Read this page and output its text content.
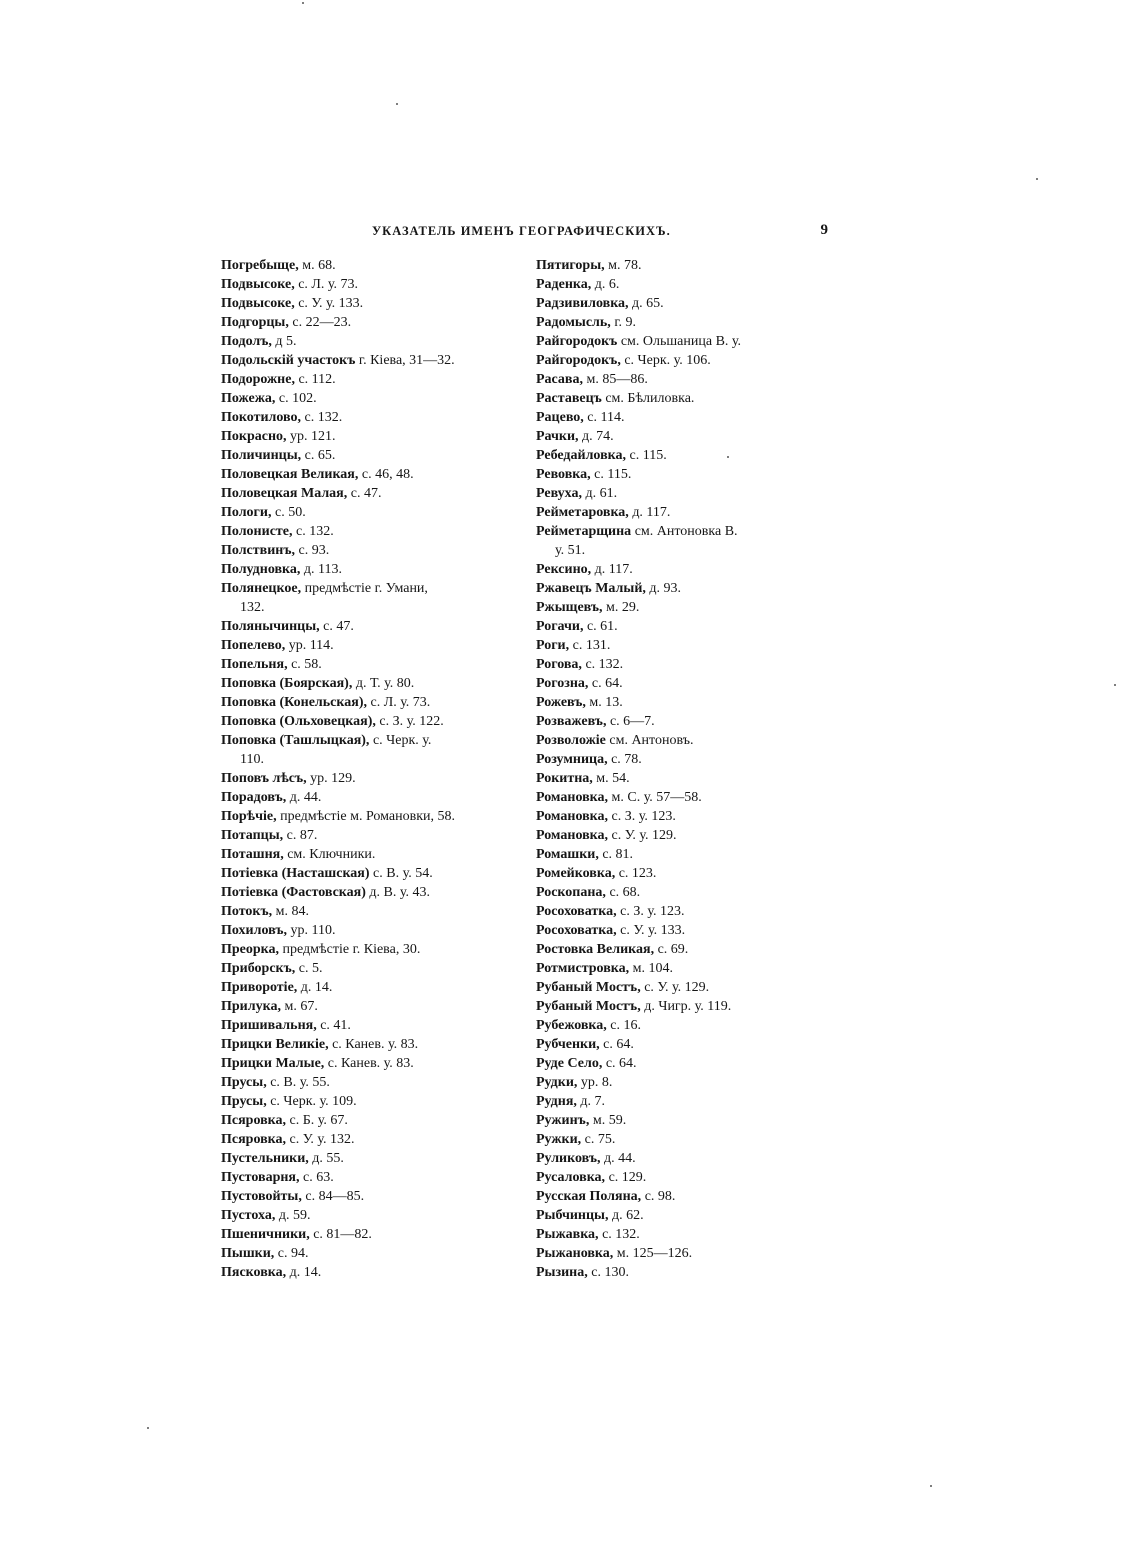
УКАЗАТЕЛЬ ИМЕНЪ ГЕОГРАФИЧЕСКИХЪ.	9
Погребыще, м. 68.
Подвысоке, с. Л. у. 73.
Подвысоке, с. У. у. 133.
Подгорцы, с. 22—23.
Подолъ, д 5.
Подольскій участокъ г. Кіева, 31—32.
Подорожне, с. 112.
Пожежа, с. 102.
Покотилово, с. 132.
Покрасно, ур. 121.
Поличинцы, с. 65.
Половецкая Великая, с. 46, 48.
Половецкая Малая, с. 47.
Пологи, с. 50.
Полонисте, с. 132.
Полствинъ, с. 93.
Полудновка, д. 113.
Полянецкое, предмѣстіе г. Умани,
132.
Полянычинцы, с. 47.
Попелево, ур. 114.
Попельня, с. 58.
Поповка (Боярская), д. Т. у. 80.
Поповка (Конельская), с. Л. у. 73.
Поповка (Ольховецкая), с. З. у. 122.
Поповка (Ташлыцкая), с. Черк. у.
110.
Поповъ лѣсъ, ур. 129.
Порадовъ, д. 44.
Порѣчіе, предмѣстіе м. Романовки, 58.
Потапцы, с. 87.
Поташня, см. Ключники.
Потіевка (Насташская) с. В. у. 54.
Потіевка (Фастовская) д. В. у. 43.
Потокъ, м. 84.
Похиловъ, ур. 110.
Преорка, предмѣстіе г. Кіева, 30.
Приборскъ, с. 5.
Приворотіе, д. 14.
Прилука, м. 67.
Пришивальня, с. 41.
Прицки Великіе, с. Канев. у. 83.
Прицки Малые, с. Канев. у. 83.
Прусы, с. В. у. 55.
Прусы, с. Черк. у. 109.
Псяровка, с. Б. у. 67.
Псяровка, с. У. у. 132.
Пустельники, д. 55.
Пустоварня, с. 63.
Пустовойты, с. 84—85.
Пустоха, д. 59.
Пшеничники, с. 81—82.
Пышки, с. 94.
Пясковка, д. 14.
Пятигоры, м. 78.
Раденка, д. 6.
Радзивиловка, д. 65.
Радомысль, г. 9.
Райгородокъ см. Ольшаница В. у.
Райгородокъ, с. Черк. у. 106.
Расава, м. 85—86.
Раставецъ см. Бѣлиловка.
Рацево, с. 114.
Рачки, д. 74.
Ребедайловка, с. 115.
Ревовка, с. 115.
Ревуха, д. 61.
Рейметаровка, д. 117.
Рейметарщина см. Антоновка В.
у. 51.
Рексино, д. 117.
Ржавецъ Малый, д. 93.
Ржыщевъ, м. 29.
Рогачи, с. 61.
Роги, с. 131.
Рогова, с. 132.
Рогозна, с. 64.
Рожевъ, м. 13.
Розважевъ, с. 6—7.
Розволожіе см. Антоновъ.
Розумница, с. 78.
Рокитна, м. 54.
Романовка, м. С. у. 57—58.
Романовка, с. З. у. 123.
Романовка, с. У. у. 129.
Ромашки, с. 81.
Ромейковка, с. 123.
Роскопана, с. 68.
Росоховатка, с. З. у. 123.
Росоховатка, с. У. у. 133.
Ростовка Великая, с. 69.
Ротмистровка, м. 104.
Рубаный Мостъ, с. У. у. 129.
Рубаный Мостъ, д. Чигр. у. 119.
Рубежовка, с. 16.
Рубченки, с. 64.
Руде Село, с. 64.
Рудки, ур. 8.
Рудня, д. 7.
Ружинъ, м. 59.
Ружки, с. 75.
Руликовъ, д. 44.
Русаловка, с. 129.
Русская Поляна, с. 98.
Рыбчинцы, д. 62.
Рыжавка, с. 132.
Рыжановка, м. 125—126.
Рызина, с. 130.
